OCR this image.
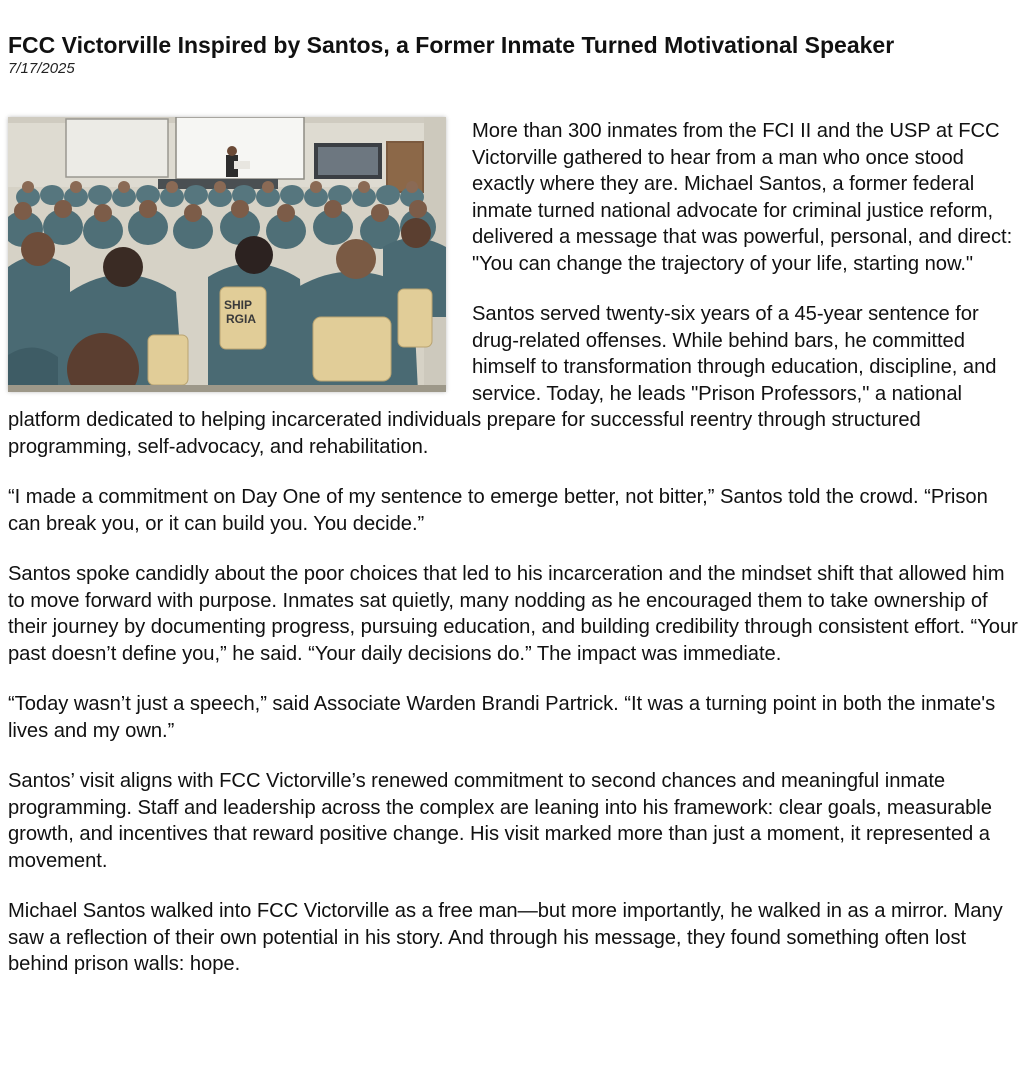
FCC Victorville Inspired by Santos, a Former Inmate Turned Motivational Speaker
7/17/2025
SHIP
RGIA

More than 300 inmates from the FCI II and the USP at FCC Victorville gathered to hear from a man who once stood exactly where they are. Michael Santos, a former federal inmate turned national advocate for criminal justice reform, delivered a message that was powerful, personal, and direct: "You can change the trajectory of your life, starting now."

Santos served twenty-six years of a 45-year sentence for drug-related offenses. While behind bars, he committed himself to transformation through education, discipline, and service. Today, he leads "Prison Professors," a national platform dedicated to helping incarcerated individuals prepare for successful reentry through structured programming, self-advocacy, and rehabilitation.

“I made a commitment on Day One of my sentence to emerge better, not bitter,” Santos told the crowd. “Prison can break you, or it can build you. You decide.”

Santos spoke candidly about the poor choices that led to his incarceration and the mindset shift that allowed him to move forward with purpose. Inmates sat quietly, many nodding as he encouraged them to take ownership of their journey by documenting progress, pursuing education, and building credibility through consistent effort. “Your past doesn’t define you,” he said. “Your daily decisions do.” The impact was immediate.

“Today wasn’t just a speech,” said Associate Warden Brandi Partrick. “It was a turning point in both the inmate's lives and my own.”

Santos’ visit aligns with FCC Victorville’s renewed commitment to second chances and meaningful inmate programming. Staff and leadership across the complex are leaning into his framework: clear goals, measurable growth, and incentives that reward positive change. His visit marked more than just a moment, it represented a movement.

Michael Santos walked into FCC Victorville as a free man—but more importantly, he walked in as a mirror. Many saw a reflection of their own potential in his story. And through his message, they found something often lost behind prison walls: hope.
